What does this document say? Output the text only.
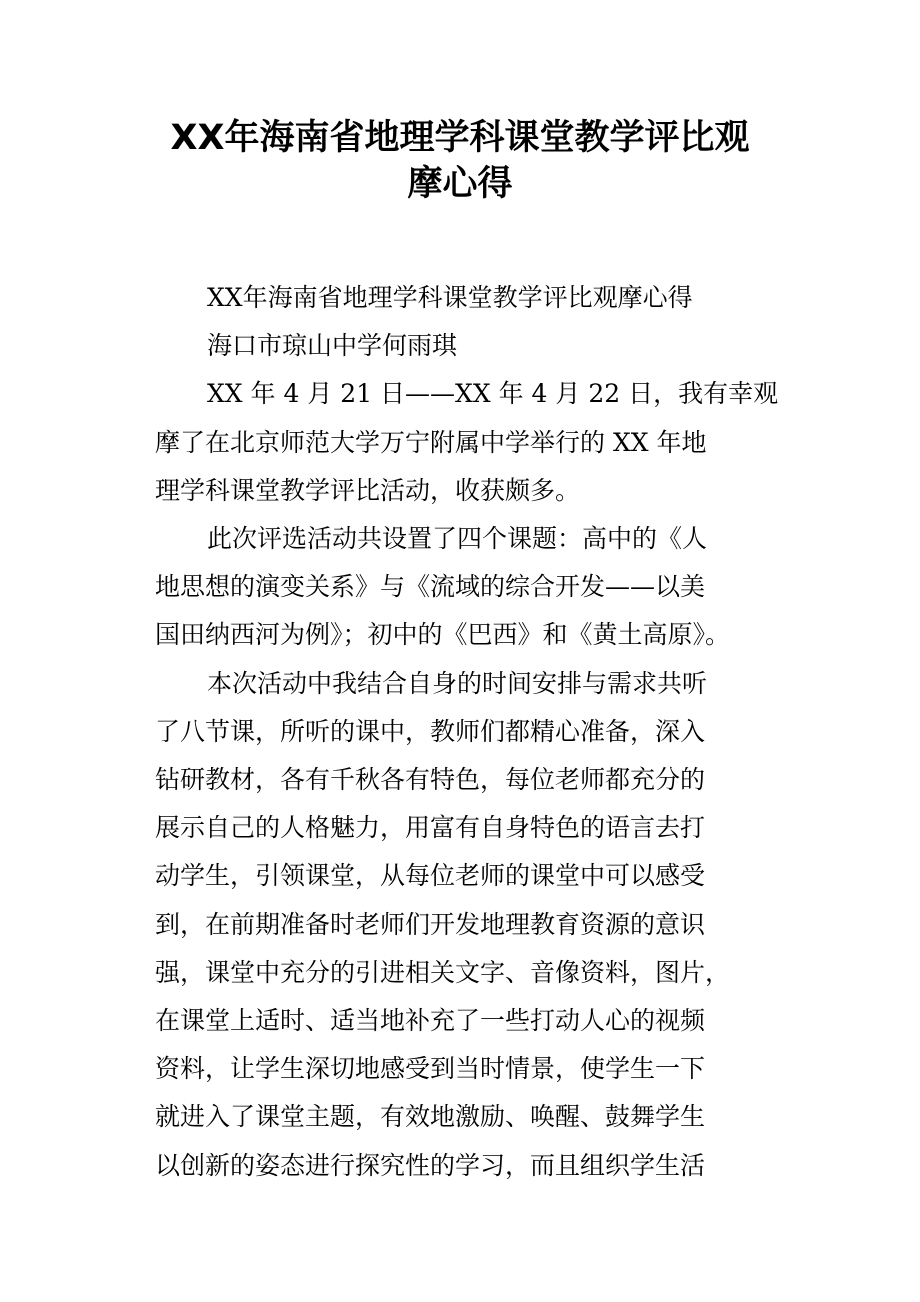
XX年海南省地理学科课堂教学评比观
摩心得
XX年海南省地理学科课堂教学评比观摩心得
海口市琼山中学何雨琪
XX 年 4 月 21 日——XX 年 4 月 22 日，我有幸观
摩了在北京师范大学万宁附属中学举行的 XX 年地
理学科课堂教学评比活动，收获颇多。
此次评选活动共设置了四个课题：高中的《人
地思想的演变关系》与《流域的综合开发——以美
国田纳西河为例》；初中的《巴西》和《黄土高原》。
本次活动中我结合自身的时间安排与需求共听
了八节课，所听的课中，教师们都精心准备，深入
钻研教材，各有千秋各有特色，每位老师都充分的
展示自己的人格魅力，用富有自身特色的语言去打
动学生，引领课堂，从每位老师的课堂中可以感受
到，在前期准备时老师们开发地理教育资源的意识
强，课堂中充分的引进相关文字、音像资料，图片，
在课堂上适时、适当地补充了一些打动人心的视频
资料，让学生深切地感受到当时情景，使学生一下
就进入了课堂主题，有效地激励、唤醒、鼓舞学生
以创新的姿态进行探究性的学习，而且组织学生活
